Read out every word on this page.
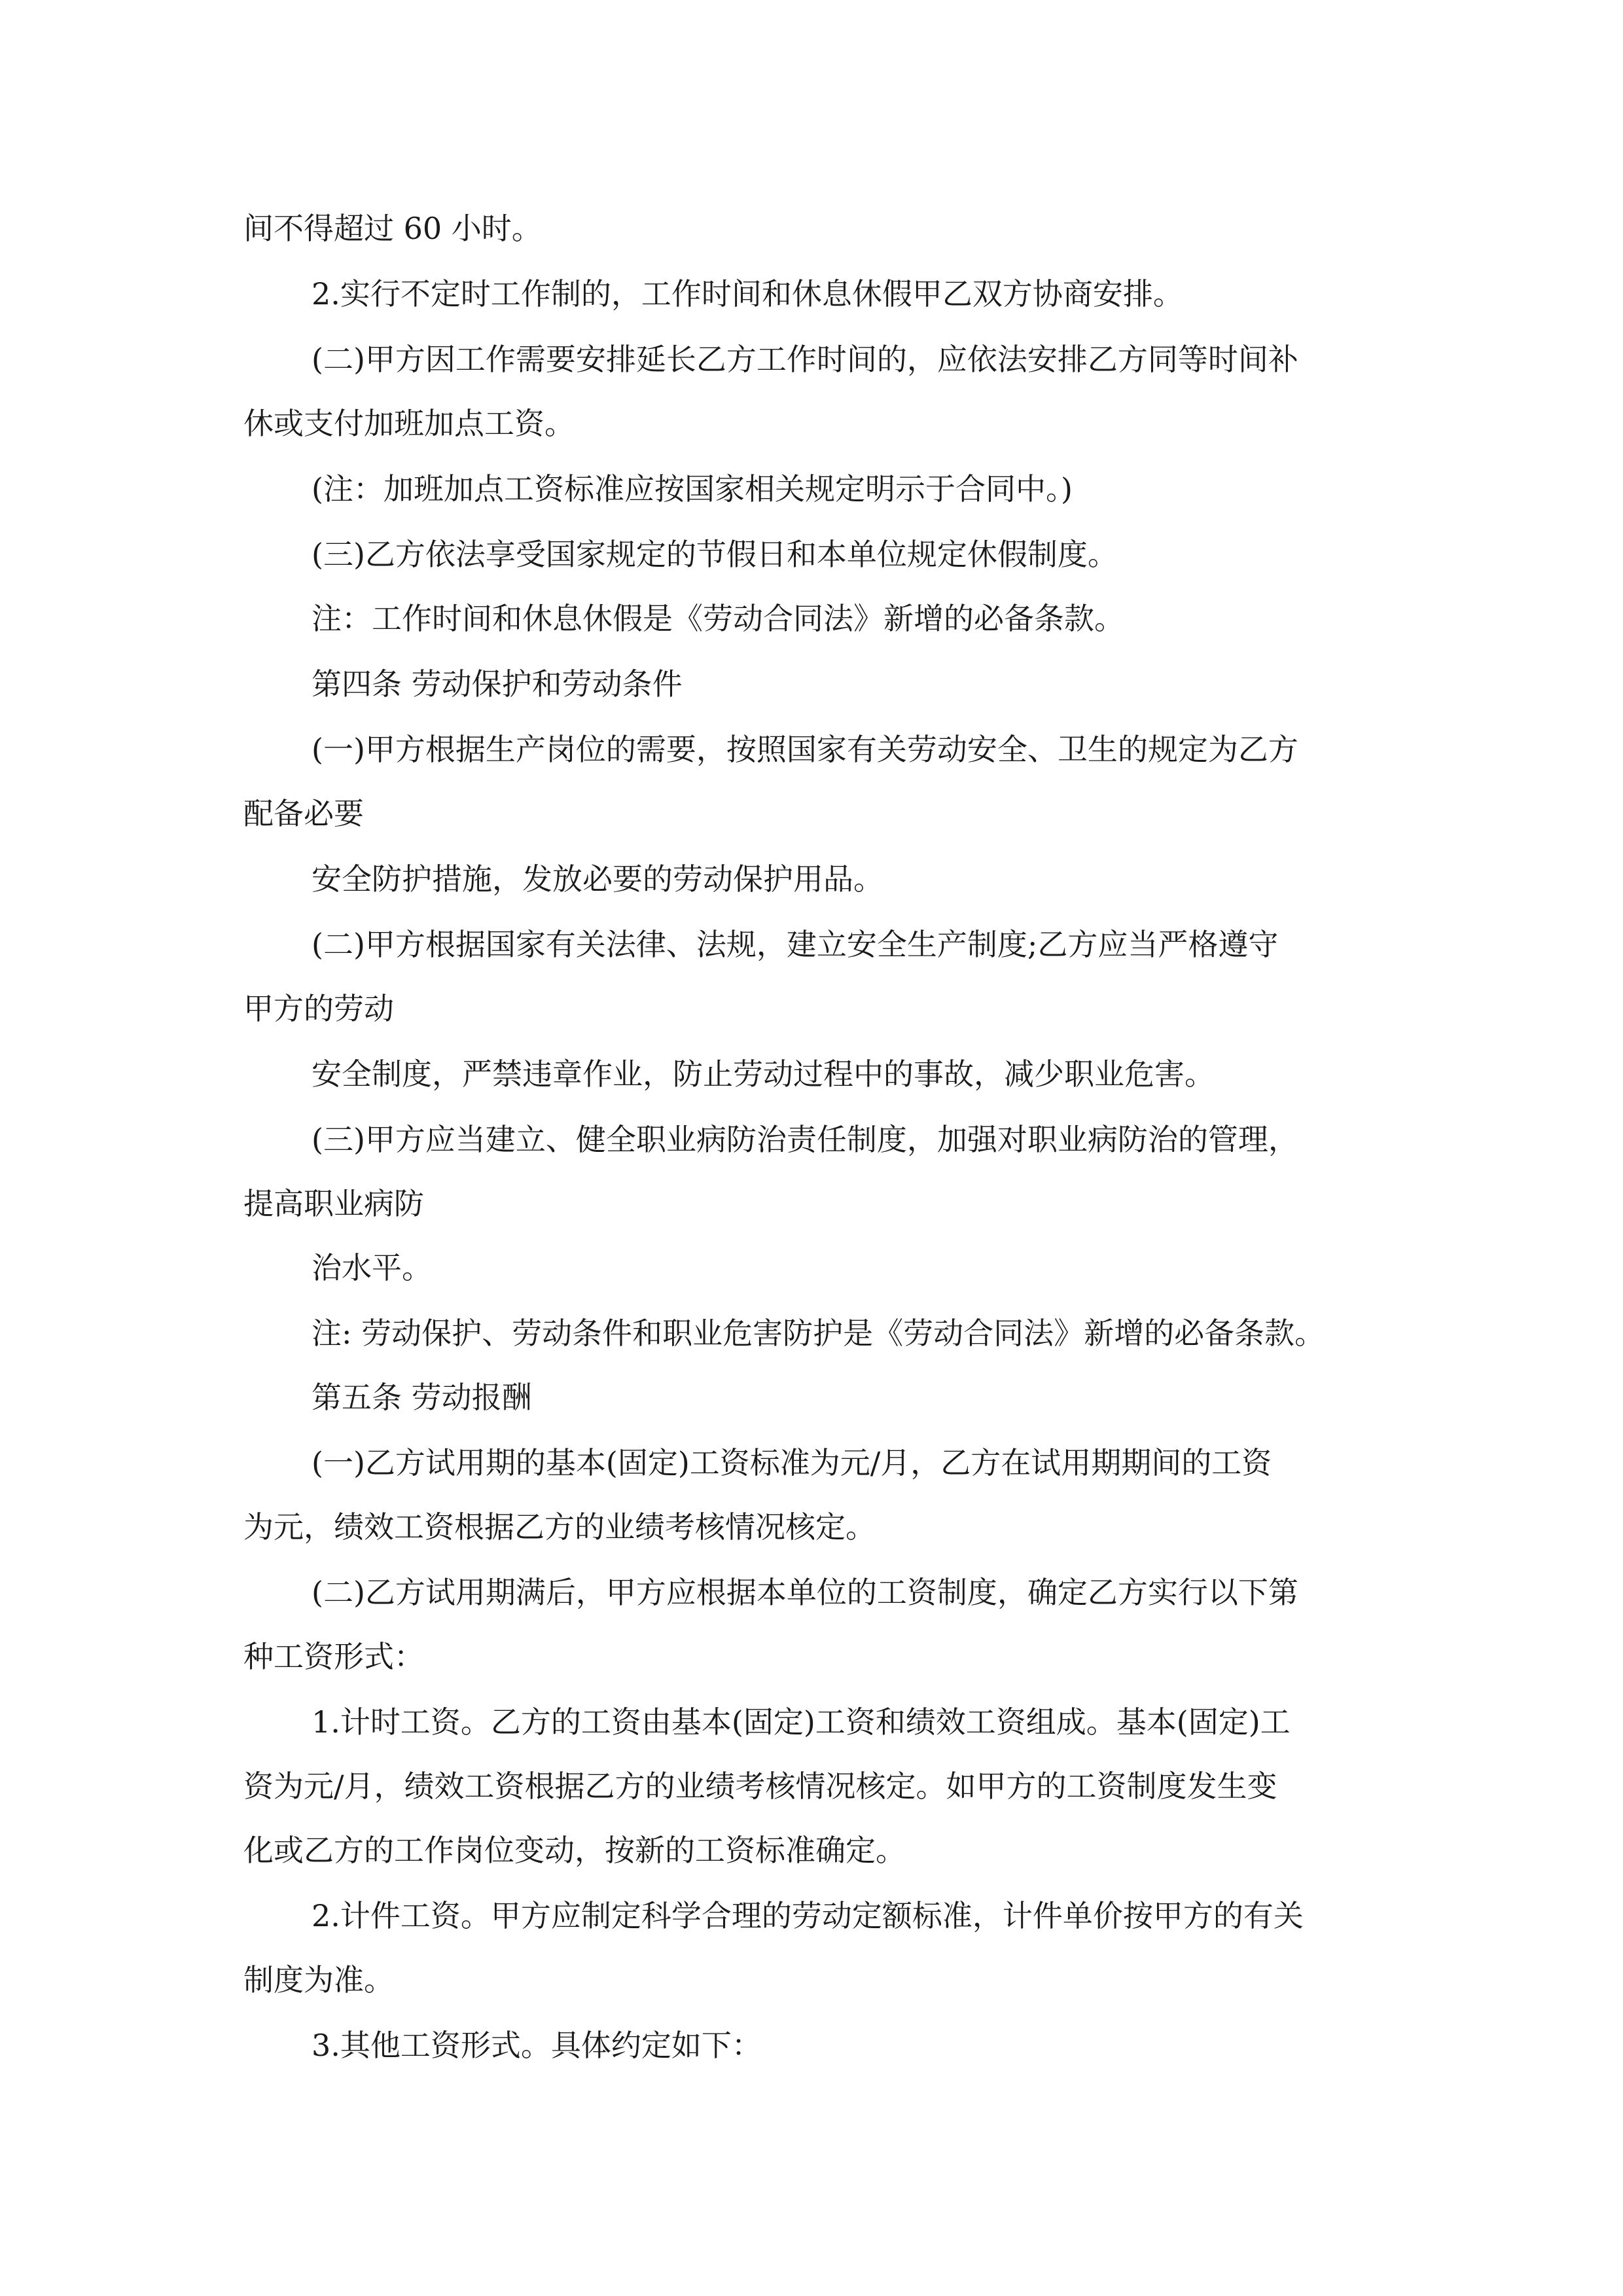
间不得超过 60 小时。
2.实行不定时工作制的，工作时间和休息休假甲乙双方协商安排。
(二)甲方因工作需要安排延长乙方工作时间的，应依法安排乙方同等时间补
休或支付加班加点工资。
(注：加班加点工资标准应按国家相关规定明示于合同中。)
(三)乙方依法享受国家规定的节假日和本单位规定休假制度。
注：工作时间和休息休假是《劳动合同法》新增的必备条款。
第四条 劳动保护和劳动条件
(一)甲方根据生产岗位的需要，按照国家有关劳动安全、卫生的规定为乙方
配备必要
安全防护措施，发放必要的劳动保护用品。
(二)甲方根据国家有关法律、法规，建立安全生产制度;乙方应当严格遵守
甲方的劳动
安全制度，严禁违章作业，防止劳动过程中的事故，减少职业危害。
(三)甲方应当建立、健全职业病防治责任制度，加强对职业病防治的管理，
提高职业病防
治水平。
注: 劳动保护、劳动条件和职业危害防护是《劳动合同法》新增的必备条款。
第五条 劳动报酬
(一)乙方试用期的基本(固定)工资标准为元/月，乙方在试用期期间的工资
为元，绩效工资根据乙方的业绩考核情况核定。
(二)乙方试用期满后，甲方应根据本单位的工资制度，确定乙方实行以下第
种工资形式：
1.计时工资。乙方的工资由基本(固定)工资和绩效工资组成。基本(固定)工
资为元/月，绩效工资根据乙方的业绩考核情况核定。如甲方的工资制度发生变
化或乙方的工作岗位变动，按新的工资标准确定。
2.计件工资。甲方应制定科学合理的劳动定额标准，计件单价按甲方的有关
制度为准。
3.其他工资形式。具体约定如下：
